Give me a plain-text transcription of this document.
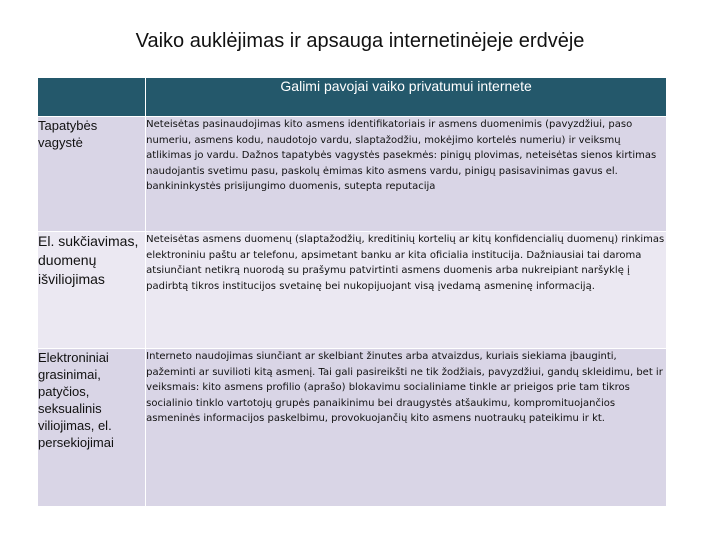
Vaiko auklėjimas ir apsauga internetinėjeje erdvėje
	Galimi pavojai vaiko privatumui internete
Tapatybės vagystė	Neteisėtas pasinaudojimas kito asmens identifikatoriais ir asmens duomenimis (pavyzdžiui, paso numeriu, asmens kodu, naudotojo vardu, slaptažodžiu, mokėjimo kortelės numeriu) ir veiksmų atlikimas jo vardu. Dažnos tapatybės vagystės pasekmės: pinigų plovimas, neteisėtas sienos kirtimas naudojantis svetimu pasu, paskolų ėmimas kito asmens vardu, pinigų pasisavinimas gavus el. bankininkystės prisijungimo duomenis, sutepta reputacija
El. sukčiavimas, duomenų išviliojimas	Neteisėtas asmens duomenų (slaptažodžių, kreditinių kortelių ar kitų konfidencialių duomenų) rinkimas elektroniniu paštu ar telefonu, apsimetant banku ar kita oficialia institucija. Dažniausiai tai daroma atsiunčiant netikrą nuorodą su prašymu patvirtinti asmens duomenis arba nukreipiant naršyklę į padirbtą tikros institucijos svetainę bei nukopijuojant visą įvedamą asmeninę informaciją.
Elektroniniai grasinimai, patyčios, seksualinis viliojimas, el. persekiojimai	Interneto naudojimas siunčiant ar skelbiant žinutes arba atvaizdus, kuriais siekiama įbauginti, pažeminti ar suvilioti kitą asmenį. Tai gali pasireikšti ne tik žodžiais, pavyzdžiui, gandų skleidimu, bet ir veiksmais: kito asmens profilio (aprašo) blokavimu socialiniame tinkle ar prieigos prie tam tikros socialinio tinklo vartotojų grupės panaikinimu bei draugystės atšaukimu, kompromituojančios asmeninės informacijos paskelbimu, provokuojančių kito asmens nuotraukų pateikimu ir kt.
